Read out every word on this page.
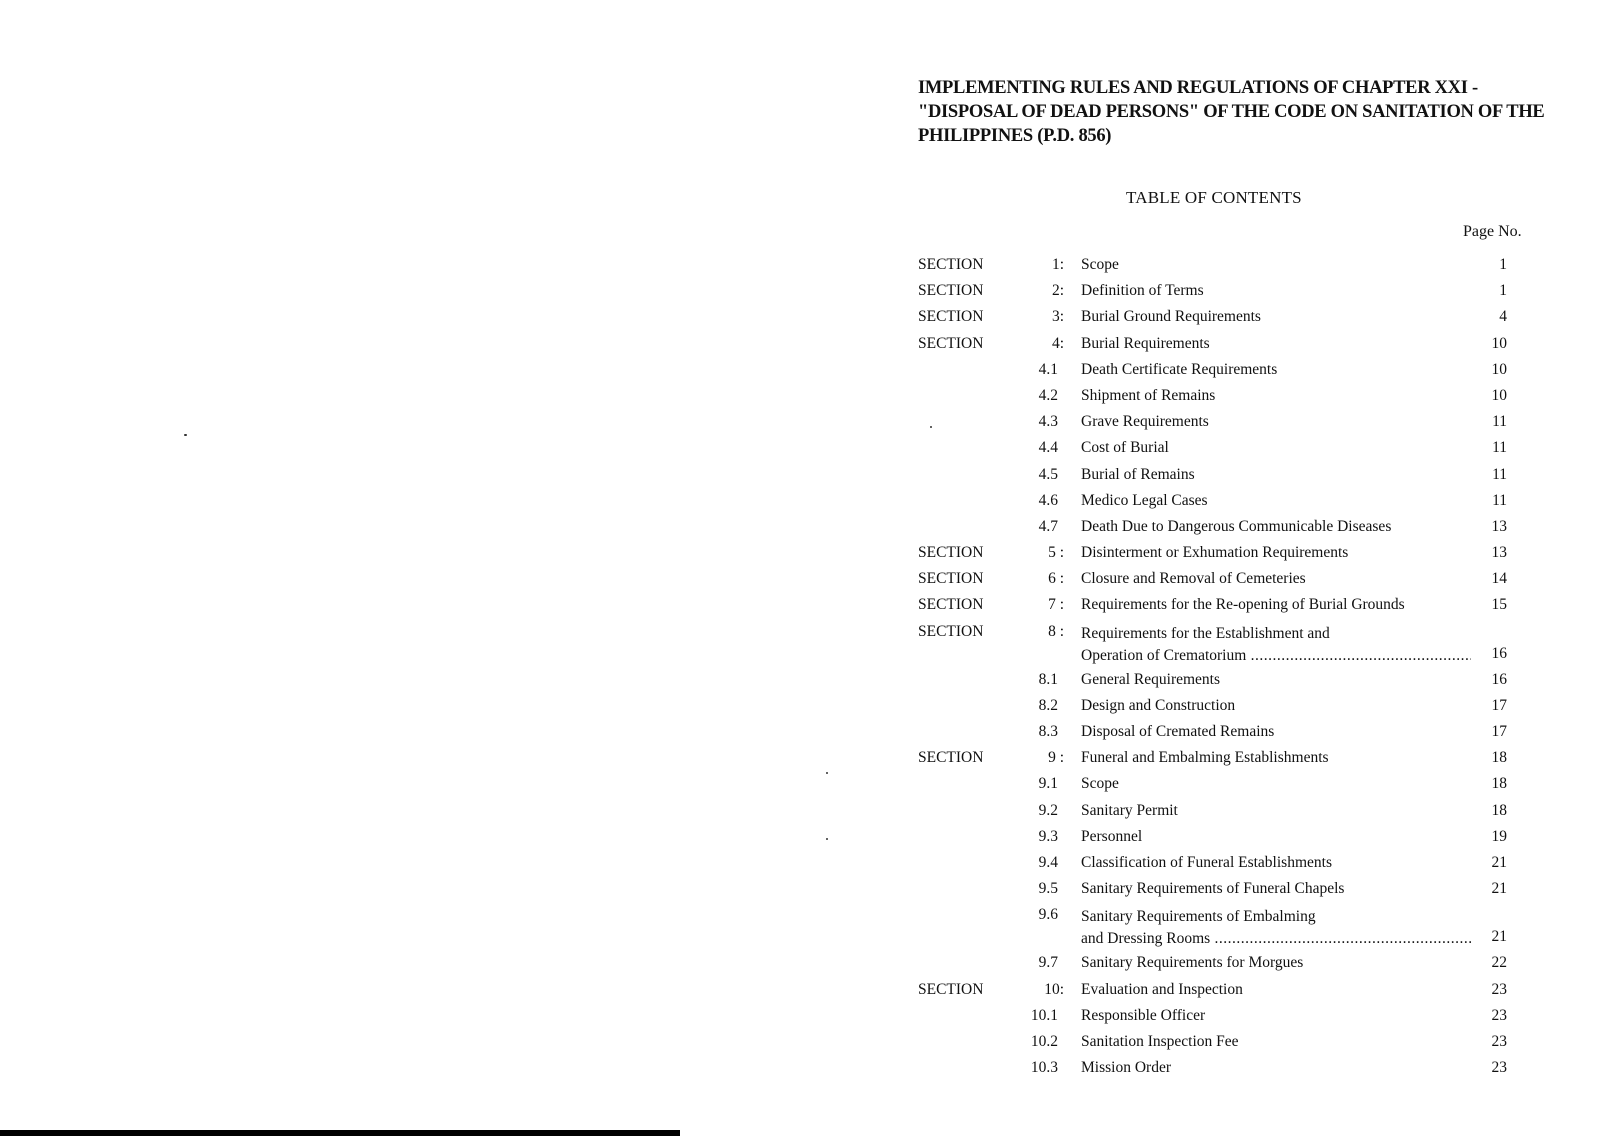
IMPLEMENTING RULES AND REGULATIONS OF CHAPTER XXI - "DISPOSAL OF DEAD PERSONS" OF THE CODE ON SANITATION OF THE PHILIPPINES (P.D. 856)
TABLE OF CONTENTS
Page No.
SECTION	1: Scope	1
SECTION	2: Definition of Terms	1
SECTION	3: Burial Ground Requirements	4
SECTION	4: Burial Requirements	10
4.1 Death Certificate Requirements	10
4.2 Shipment of Remains	10
4.3 Grave Requirements	11
4.4 Cost of Burial	11
4.5 Burial of Remains	11
4.6 Medico Legal Cases	11
4.7 Death Due to Dangerous Communicable Diseases	13
SECTION	5 : Disinterment or Exhumation Requirements	13
SECTION	6 : Closure and Removal of Cemeteries	14
SECTION	7 : Requirements for the Re-opening of Burial Grounds	15
SECTION	8 : Requirements for the Establishment and
Operation of Crematorium .....	16
8.1 General Requirements	16
8.2 Design and Construction	17
8.3 Disposal of Cremated Remains	17
SECTION	9 : Funeral and Embalming Establishments	18
9.1 Scope	18
9.2 Sanitary Permit	18
9.3 Personnel	19
9.4 Classification of Funeral Establishments	21
9.5 Sanitary Requirements of Funeral Chapels	21
9.6 Sanitary Requirements of Embalming
and Dressing Rooms .....	21
9.7 Sanitary Requirements for Morgues	22
SECTION	10: Evaluation and Inspection	23
10.1 Responsible Officer	23
10.2 Sanitation Inspection Fee	23
10.3 Mission Order	23
